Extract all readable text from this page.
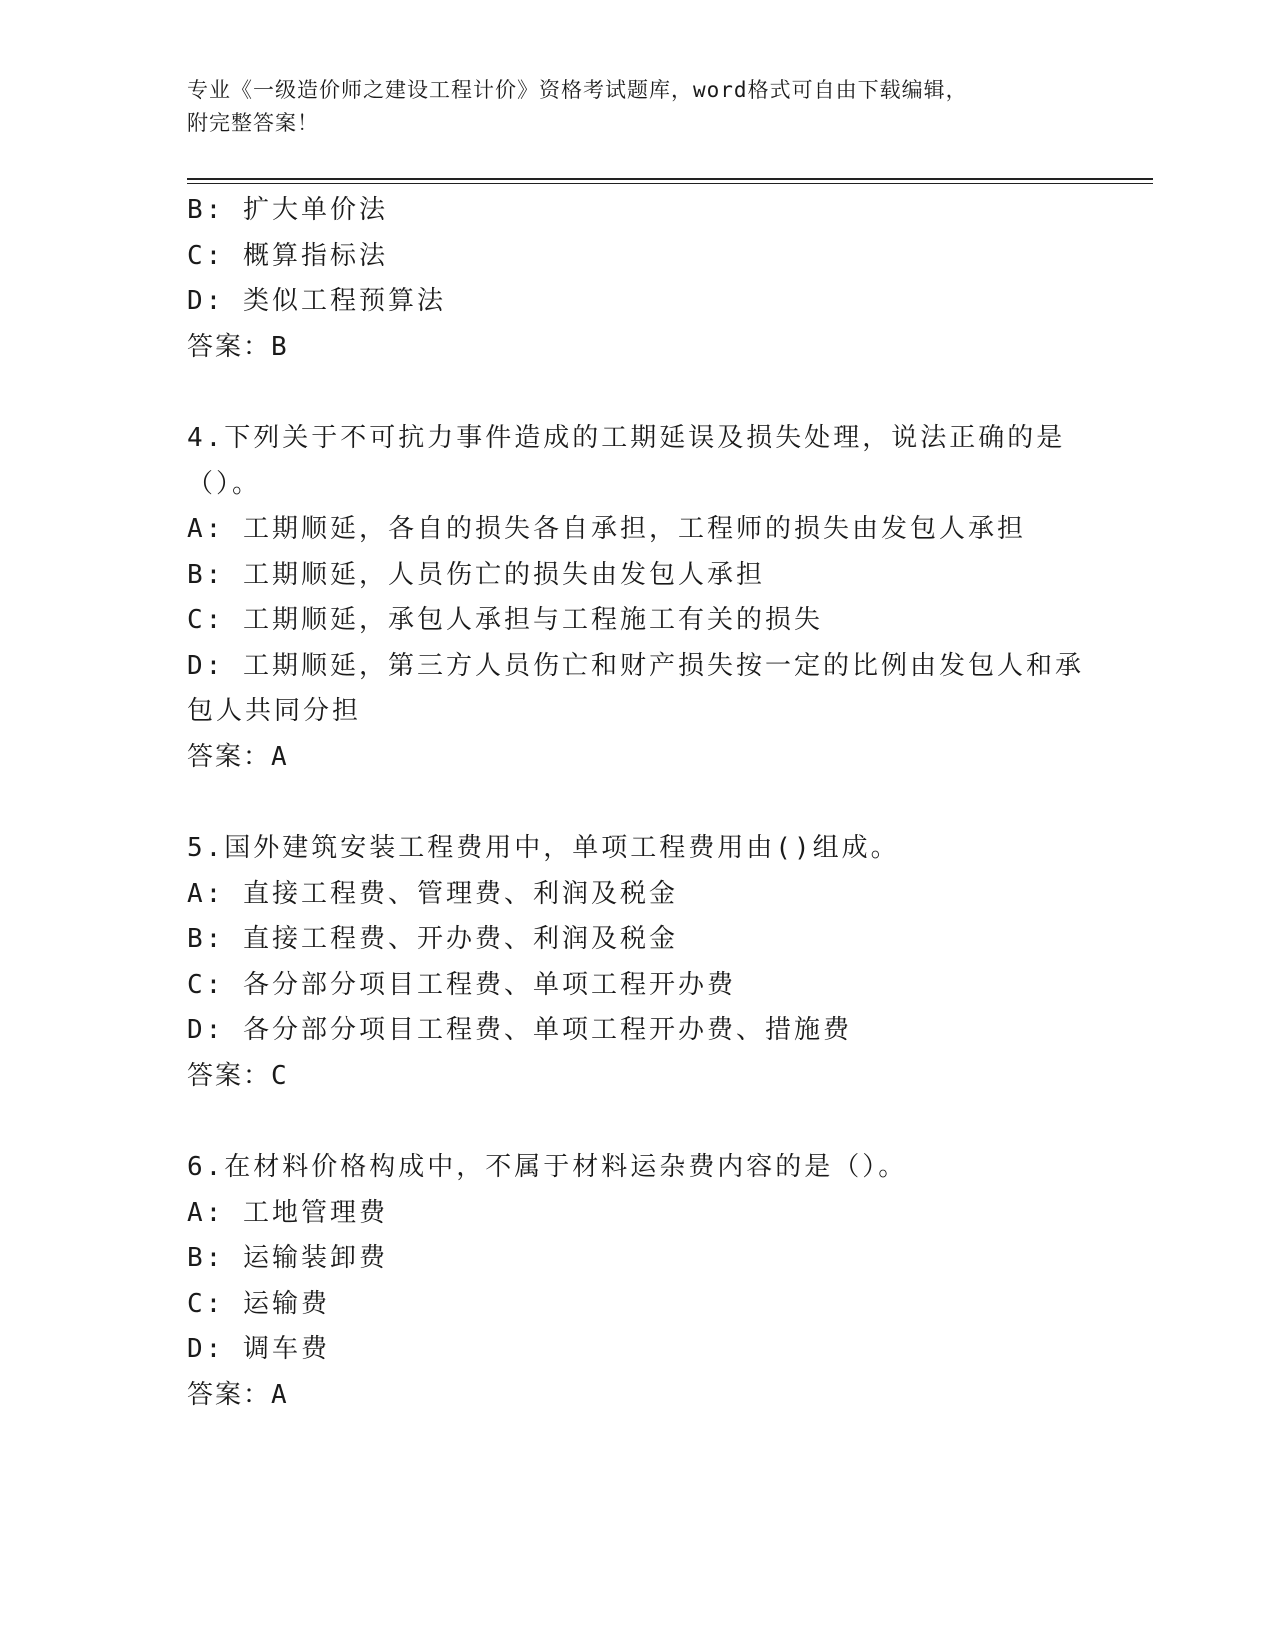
专业《一级造价师之建设工程计价》资格考试题库，word格式可自由下载编辑，
附完整答案！
B: 扩大单价法
C: 概算指标法
D: 类似工程预算法
答案：B
4.下列关于不可抗力事件造成的工期延误及损失处理，说法正确的是
（）。
A: 工期顺延，各自的损失各自承担，工程师的损失由发包人承担
B: 工期顺延，人员伤亡的损失由发包人承担
C: 工期顺延，承包人承担与工程施工有关的损失
D: 工期顺延，第三方人员伤亡和财产损失按一定的比例由发包人和承
包人共同分担
答案：A
5.国外建筑安装工程费用中，单项工程费用由()组成。
A: 直接工程费、管理费、利润及税金
B: 直接工程费、开办费、利润及税金
C: 各分部分项目工程费、单项工程开办费
D: 各分部分项目工程费、单项工程开办费、措施费
答案：C
6.在材料价格构成中，不属于材料运杂费内容的是（）。
A: 工地管理费
B: 运输装卸费
C: 运输费
D: 调车费
答案：A
